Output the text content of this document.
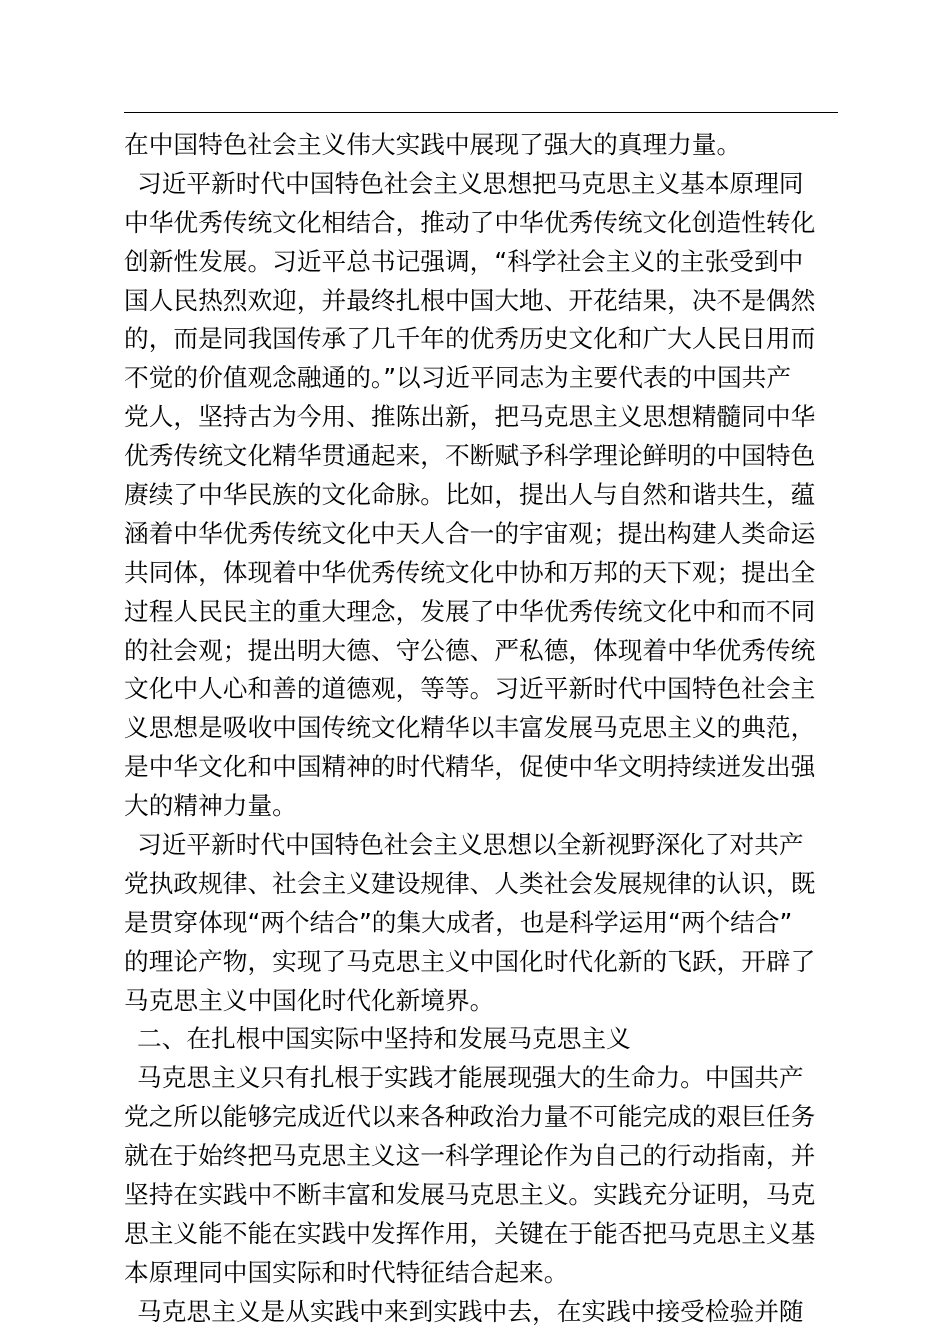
在中国特色社会主义伟大实践中展现了强大的真理力量。
习近平新时代中国特色社会主义思想把马克思主义基本原理同
中华优秀传统文化相结合，推动了中华优秀传统文化创造性转化
创新性发展。习近平总书记强调，“科学社会主义的主张受到中
国人民热烈欢迎，并最终扎根中国大地、开花结果，决不是偶然
的，而是同我国传承了几千年的优秀历史文化和广大人民日用而
不觉的价值观念融通的。”以习近平同志为主要代表的中国共产
党人，坚持古为今用、推陈出新，把马克思主义思想精髓同中华
优秀传统文化精华贯通起来，不断赋予科学理论鲜明的中国特色
赓续了中华民族的文化命脉。比如，提出人与自然和谐共生，蕴
涵着中华优秀传统文化中天人合一的宇宙观；提出构建人类命运
共同体，体现着中华优秀传统文化中协和万邦的天下观；提出全
过程人民民主的重大理念，发展了中华优秀传统文化中和而不同
的社会观；提出明大德、守公德、严私德，体现着中华优秀传统
文化中人心和善的道德观，等等。习近平新时代中国特色社会主
义思想是吸收中国传统文化精华以丰富发展马克思主义的典范，
是中华文化和中国精神的时代精华，促使中华文明持续迸发出强
大的精神力量。
习近平新时代中国特色社会主义思想以全新视野深化了对共产
党执政规律、社会主义建设规律、人类社会发展规律的认识，既
是贯穿体现“两个结合”的集大成者，也是科学运用“两个结合”
的理论产物，实现了马克思主义中国化时代化新的飞跃，开辟了
马克思主义中国化时代化新境界。
二、在扎根中国实际中坚持和发展马克思主义
马克思主义只有扎根于实践才能展现强大的生命力。中国共产
党之所以能够完成近代以来各种政治力量不可能完成的艰巨任务
就在于始终把马克思主义这一科学理论作为自己的行动指南，并
坚持在实践中不断丰富和发展马克思主义。实践充分证明，马克
思主义能不能在实践中发挥作用，关键在于能否把马克思主义基
本原理同中国实际和时代特征结合起来。
马克思主义是从实践中来到实践中去，在实践中接受检验并随
